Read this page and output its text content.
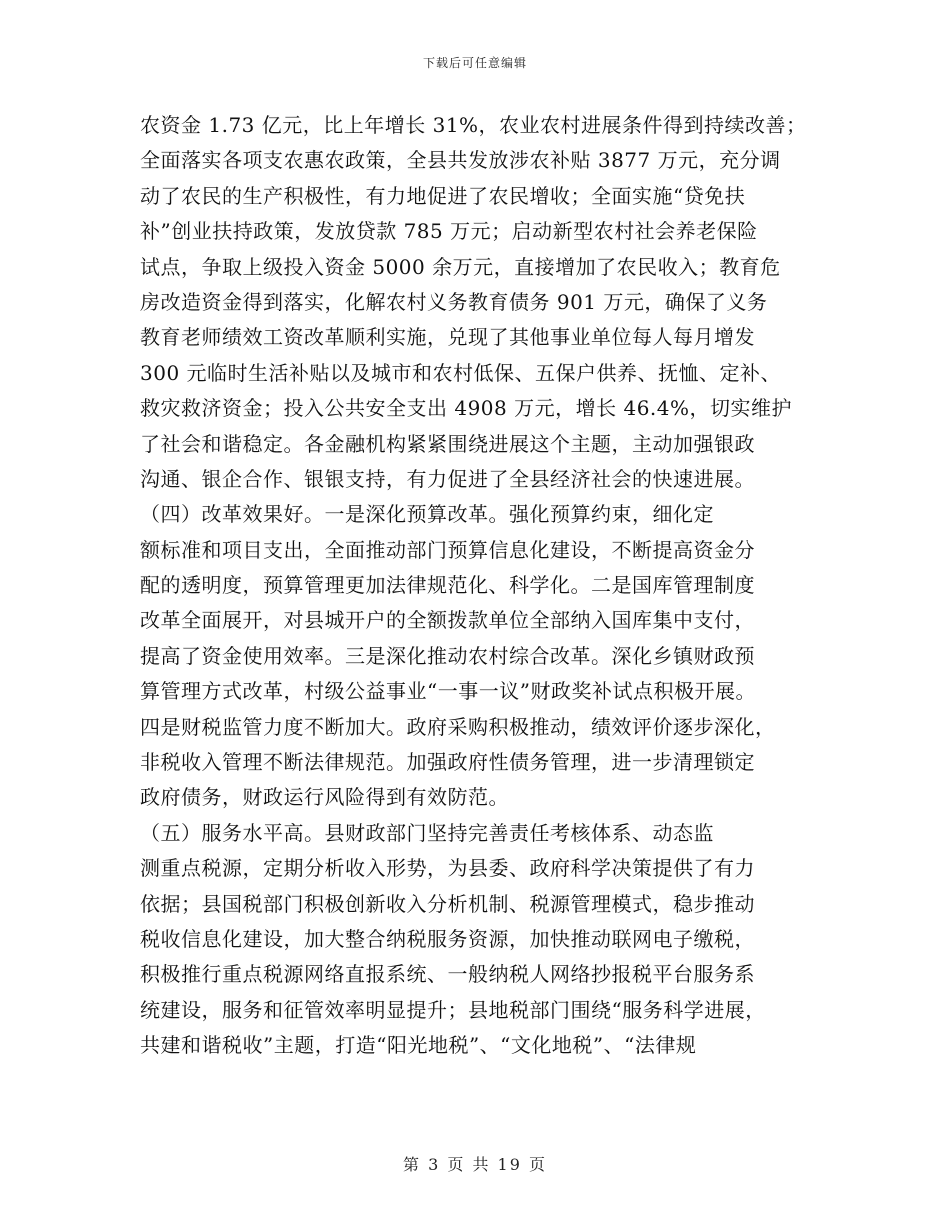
下载后可任意编辑
农资金 1.73 亿元，比上年增长 31%，农业农村进展条件得到持续改善；
全面落实各项支农惠农政策，全县共发放涉农补贴 3877 万元，充分调
动了农民的生产积极性，有力地促进了农民增收；全面实施“贷免扶
补”创业扶持政策，发放贷款 785 万元；启动新型农村社会养老保险
试点，争取上级投入资金 5000 余万元，直接增加了农民收入；教育危
房改造资金得到落实，化解农村义务教育债务 901 万元，确保了义务
教育老师绩效工资改革顺利实施，兑现了其他事业单位每人每月增发
300 元临时生活补贴以及城市和农村低保、五保户供养、抚恤、定补、
救灾救济资金；投入公共安全支出 4908 万元，增长 46.4%，切实维护
了社会和谐稳定。各金融机构紧紧围绕进展这个主题，主动加强银政
沟通、银企合作、银银支持，有力促进了全县经济社会的快速进展。
（四）改革效果好。一是深化预算改革。强化预算约束，细化定
额标准和项目支出，全面推动部门预算信息化建设，不断提高资金分
配的透明度，预算管理更加法律规范化、科学化。二是国库管理制度
改革全面展开，对县城开户的全额拨款单位全部纳入国库集中支付，
提高了资金使用效率。三是深化推动农村综合改革。深化乡镇财政预
算管理方式改革，村级公益事业“一事一议”财政奖补试点积极开展。
四是财税监管力度不断加大。政府采购积极推动，绩效评价逐步深化，
非税收入管理不断法律规范。加强政府性债务管理，进一步清理锁定
政府债务，财政运行风险得到有效防范。
（五）服务水平高。县财政部门坚持完善责任考核体系、动态监
测重点税源，定期分析收入形势，为县委、政府科学决策提供了有力
依据；县国税部门积极创新收入分析机制、税源管理模式，稳步推动
税收信息化建设，加大整合纳税服务资源，加快推动联网电子缴税，
积极推行重点税源网络直报系统、一般纳税人网络抄报税平台服务系
统建设，服务和征管效率明显提升；县地税部门围绕“服务科学进展，
共建和谐税收”主题，打造“阳光地税”、“文化地税”、“法律规
第 3 页 共 19 页
